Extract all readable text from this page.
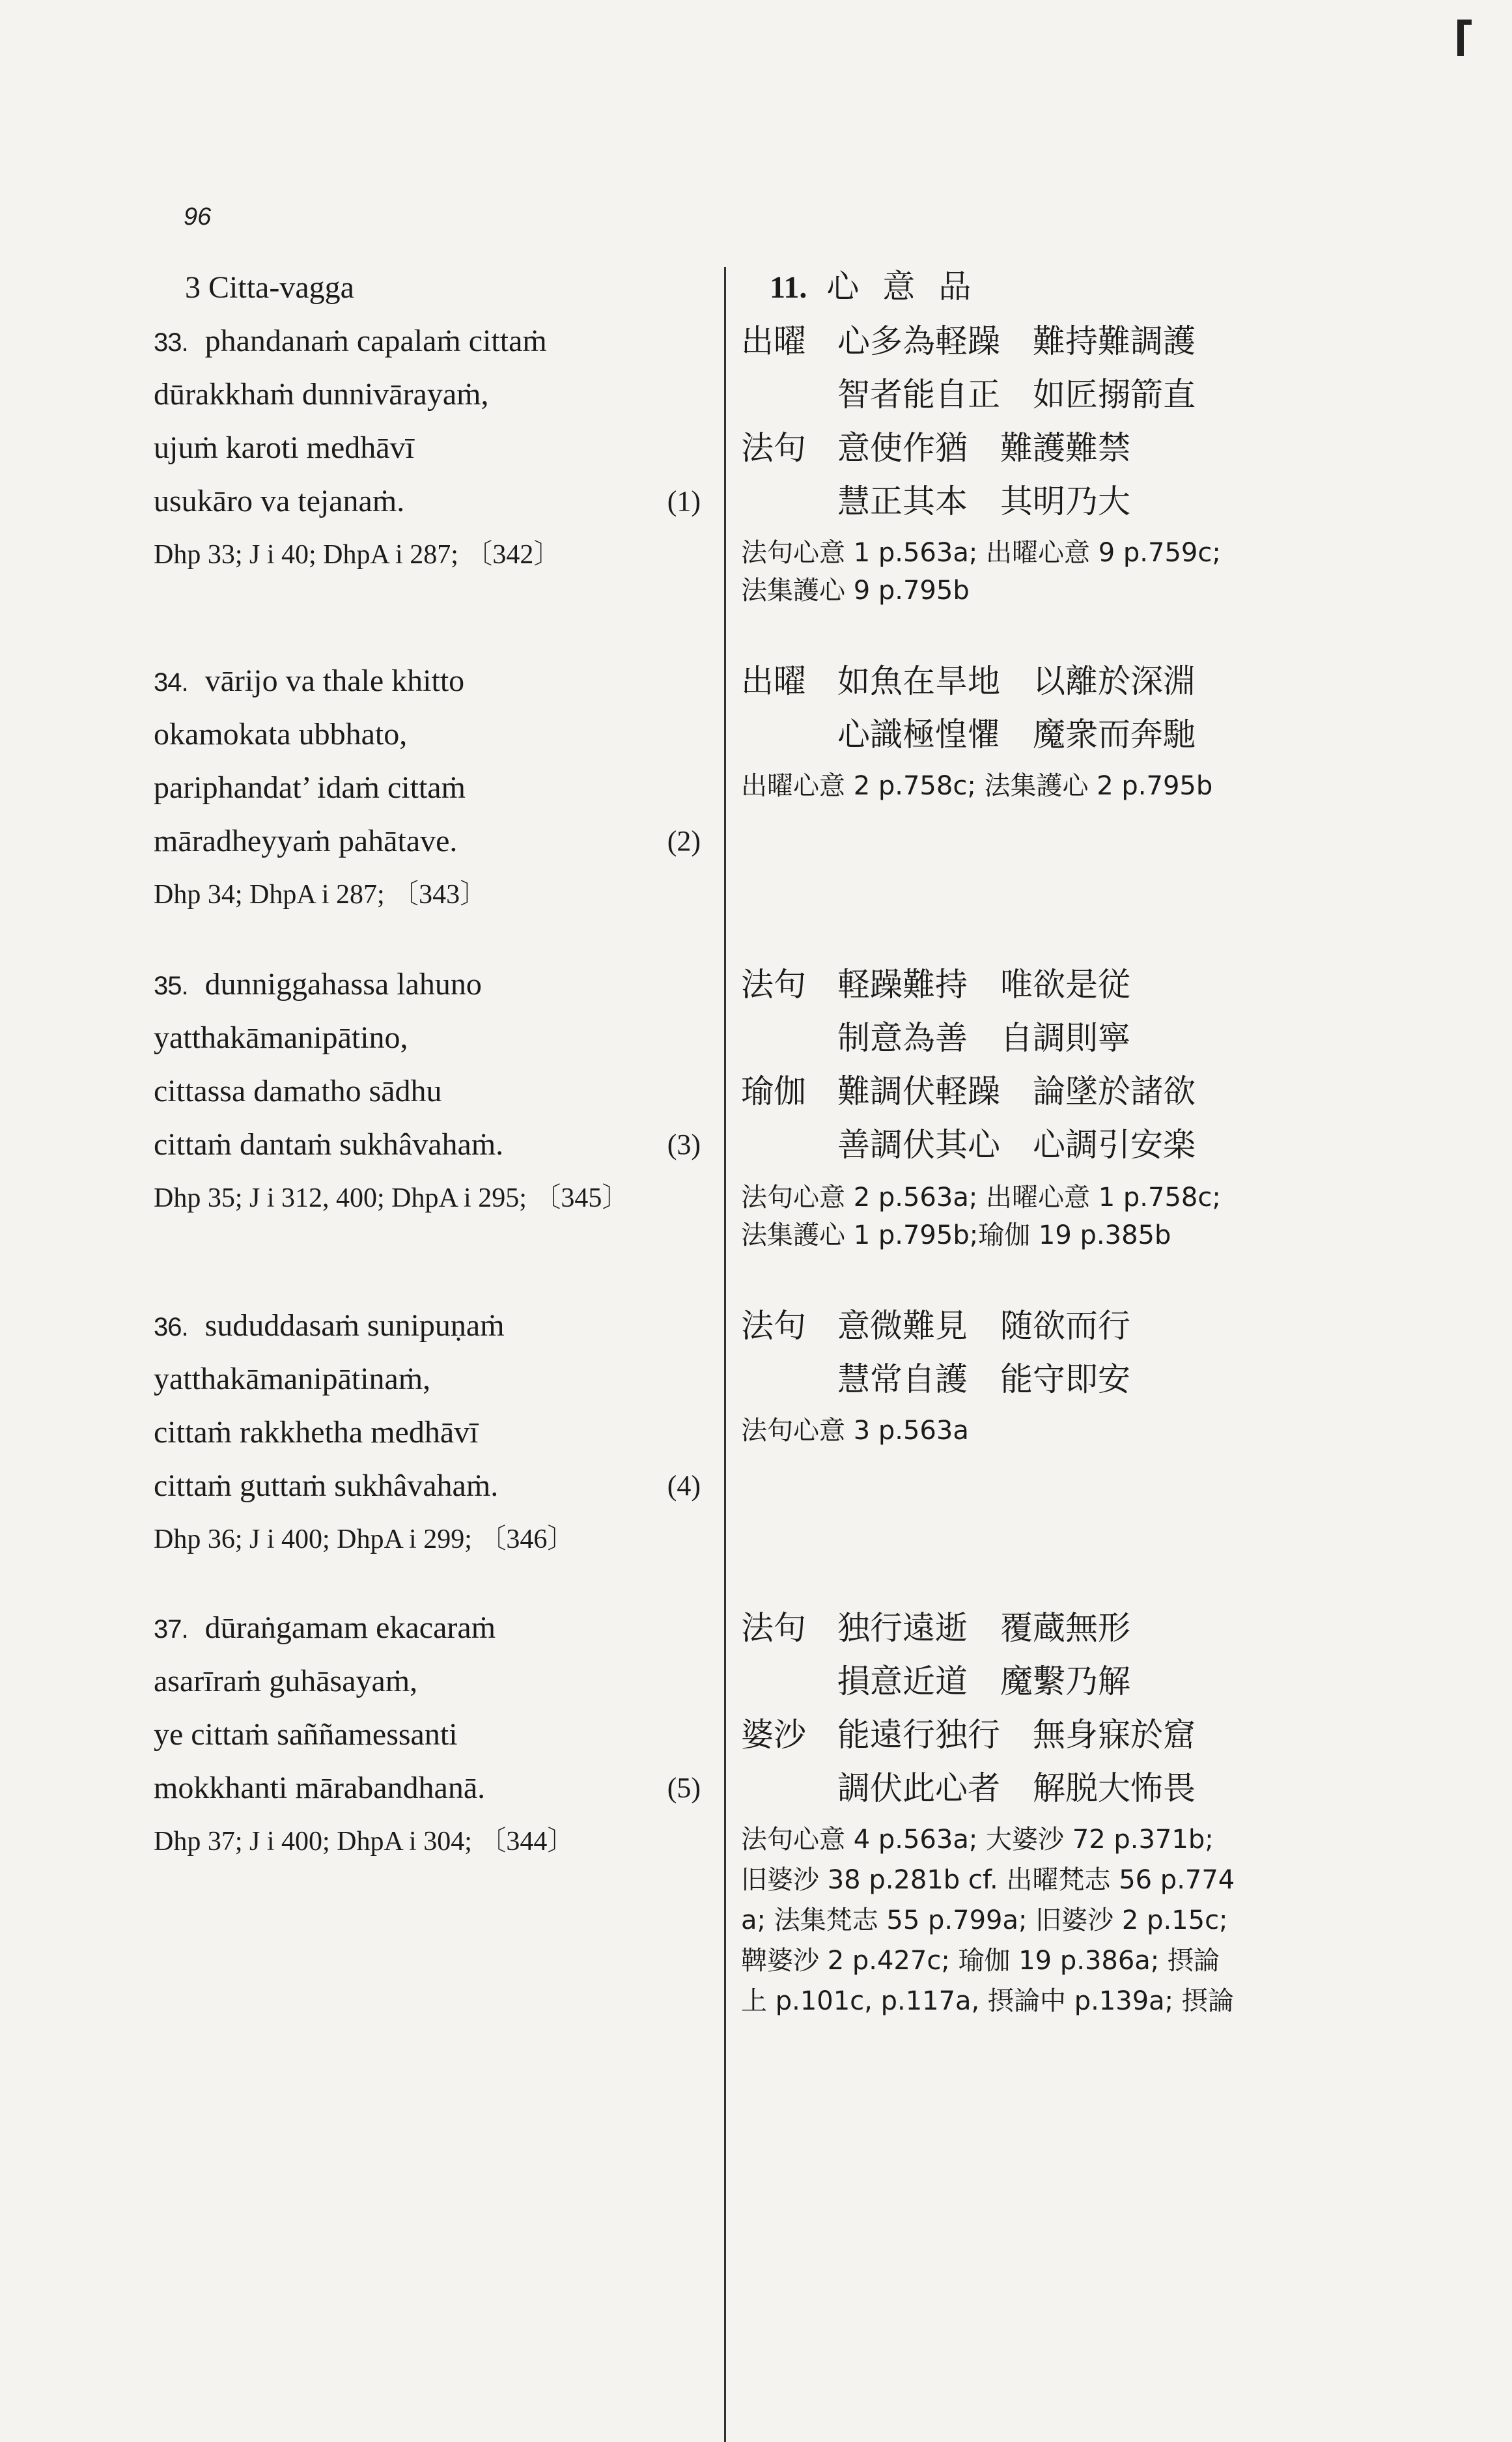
96
3 Citta-vagga
33. phandanaṁ capalaṁ cittaṁ
dūrakkhaṁ dunnivārayaṁ,
ujuṁ karoti medhāvī
usukāro va tejanaṁ.	(1)
Dhp 33; J i 40; DhpA i 287; 〔342〕
34. vārijo va thale khitto
okamokata ubbhato,
pariphandat’ idaṁ cittaṁ
māradheyyaṁ pahātave.	(2)
Dhp 34; DhpA i 287; 〔343〕
35. dunniggahassa lahuno
yatthakāmanipātino,
cittassa damatho sādhu
cittaṁ dantaṁ sukhâvahaṁ.	(3)
Dhp 35; J i 312, 400; DhpA i 295; 〔345〕
36. sududdasaṁ sunipuṇaṁ
yatthakāmanipātinaṁ,
cittaṁ rakkhetha medhāvī
cittaṁ guttaṁ sukhâvahaṁ.	(4)
Dhp 36; J i 400; DhpA i 299; 〔346〕
37. dūraṅgamam ekacaraṁ
asarīraṁ guhāsayaṁ,
ye cittaṁ saññamessanti
mokkhanti mārabandhanā.	(5)
Dhp 37; J i 400; DhpA i 304; 〔344〕
11. 心意品
出曜 心多為軽躁 難持難調護
智者能自正 如匠搦箭直
法句 意使作猶 難護難禁
慧正其本 其明乃大
法句心意 1 p.563a; 出曜心意 9 p.759c;
法集護心 9 p.795b
出曜 如魚在旱地 以離於深淵
心識極惶懼 魔衆而奔馳
出曜心意 2 p.758c; 法集護心 2 p.795b
法句 軽躁難持 唯欲是従
制意為善 自調則寧
瑜伽 難調伏軽躁 論墜於諸欲
善調伏其心 心調引安楽
法句心意 2 p.563a; 出曜心意 1 p.758c;
法集護心 1 p.795b;瑜伽 19 p.385b
法句 意微難見 随欲而行
慧常自護 能守即安
法句心意 3 p.563a
法句 独行遠逝 覆蔵無形
損意近道 魔繫乃解
婆沙 能遠行独行 無身寐於窟
調伏此心者 解脱大怖畏
法句心意 4 p.563a; 大婆沙 72 p.371b;
旧婆沙 38 p.281b cf. 出曜梵志 56 p.774
a; 法集梵志 55 p.799a; 旧婆沙 2 p.15c;
鞞婆沙 2 p.427c; 瑜伽 19 p.386a; 摂論
上 p.101c, p.117a, 摂論中 p.139a; 摂論
